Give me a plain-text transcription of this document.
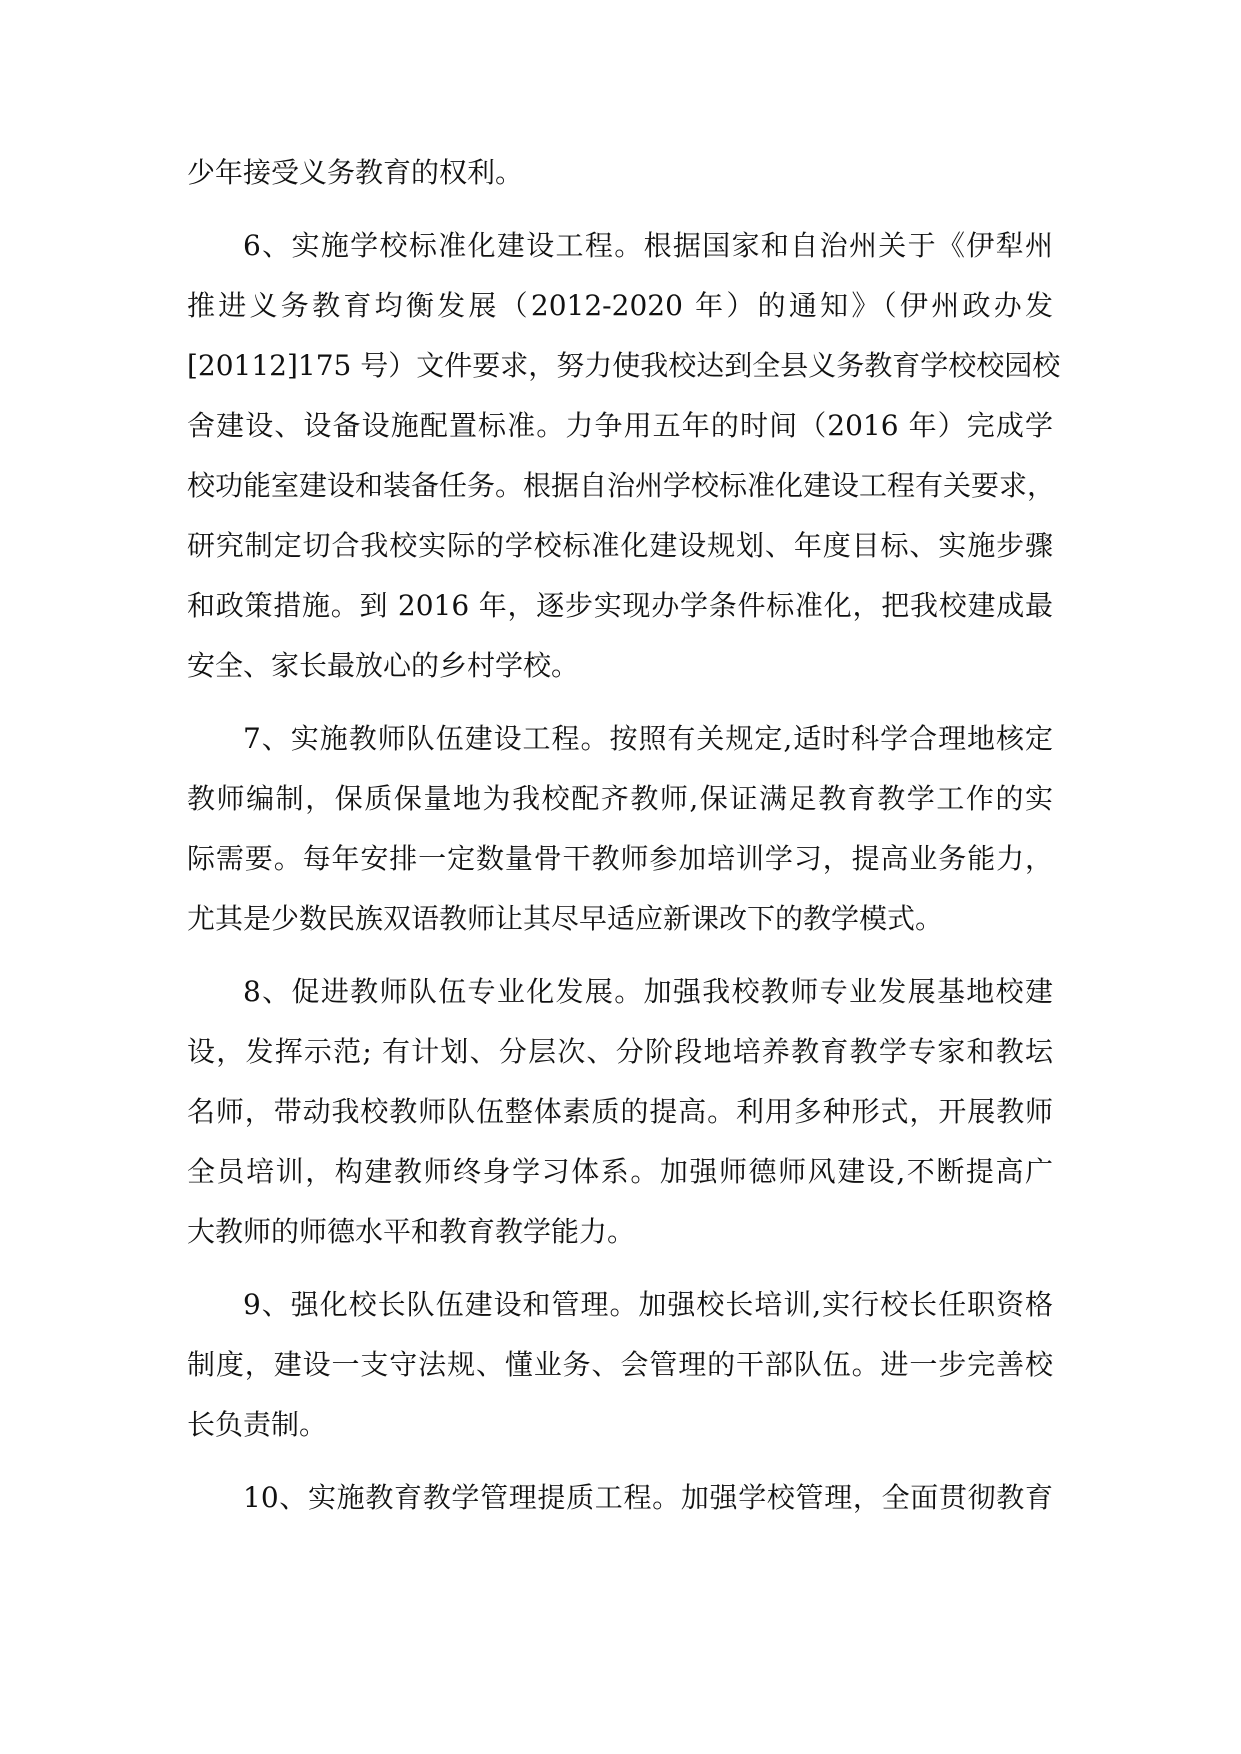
少年接受义务教育的权利。
6、实施学校标准化建设工程。根据国家和自治州关于《伊犁州
推进义务教育均衡发展（2012-2020 年）的通知》（伊州政办发
[20112]175 号）文件要求，努力使我校达到全县义务教育学校校园校
舍建设、设备设施配置标准。力争用五年的时间（2016 年）完成学
校功能室建设和装备任务。根据自治州学校标准化建设工程有关要求，
研究制定切合我校实际的学校标准化建设规划、年度目标、实施步骤
和政策措施。到 2016 年，逐步实现办学条件标准化，把我校建成最
安全、家长最放心的乡村学校。
7、实施教师队伍建设工程。按照有关规定,适时科学合理地核定
教师编制，保质保量地为我校配齐教师,保证满足教育教学工作的实
际需要。每年安排一定数量骨干教师参加培训学习，提高业务能力，
尤其是少数民族双语教师让其尽早适应新课改下的教学模式。
8、促进教师队伍专业化发展。加强我校教师专业发展基地校建
设，发挥示范; 有计划、分层次、分阶段地培养教育教学专家和教坛
名师，带动我校教师队伍整体素质的提高。利用多种形式，开展教师
全员培训，构建教师终身学习体系。加强师德师风建设,不断提高广
大教师的师德水平和教育教学能力。
9、强化校长队伍建设和管理。加强校长培训,实行校长任职资格
制度，建设一支守法规、懂业务、会管理的干部队伍。进一步完善校
长负责制。
10、实施教育教学管理提质工程。加强学校管理，全面贯彻教育
